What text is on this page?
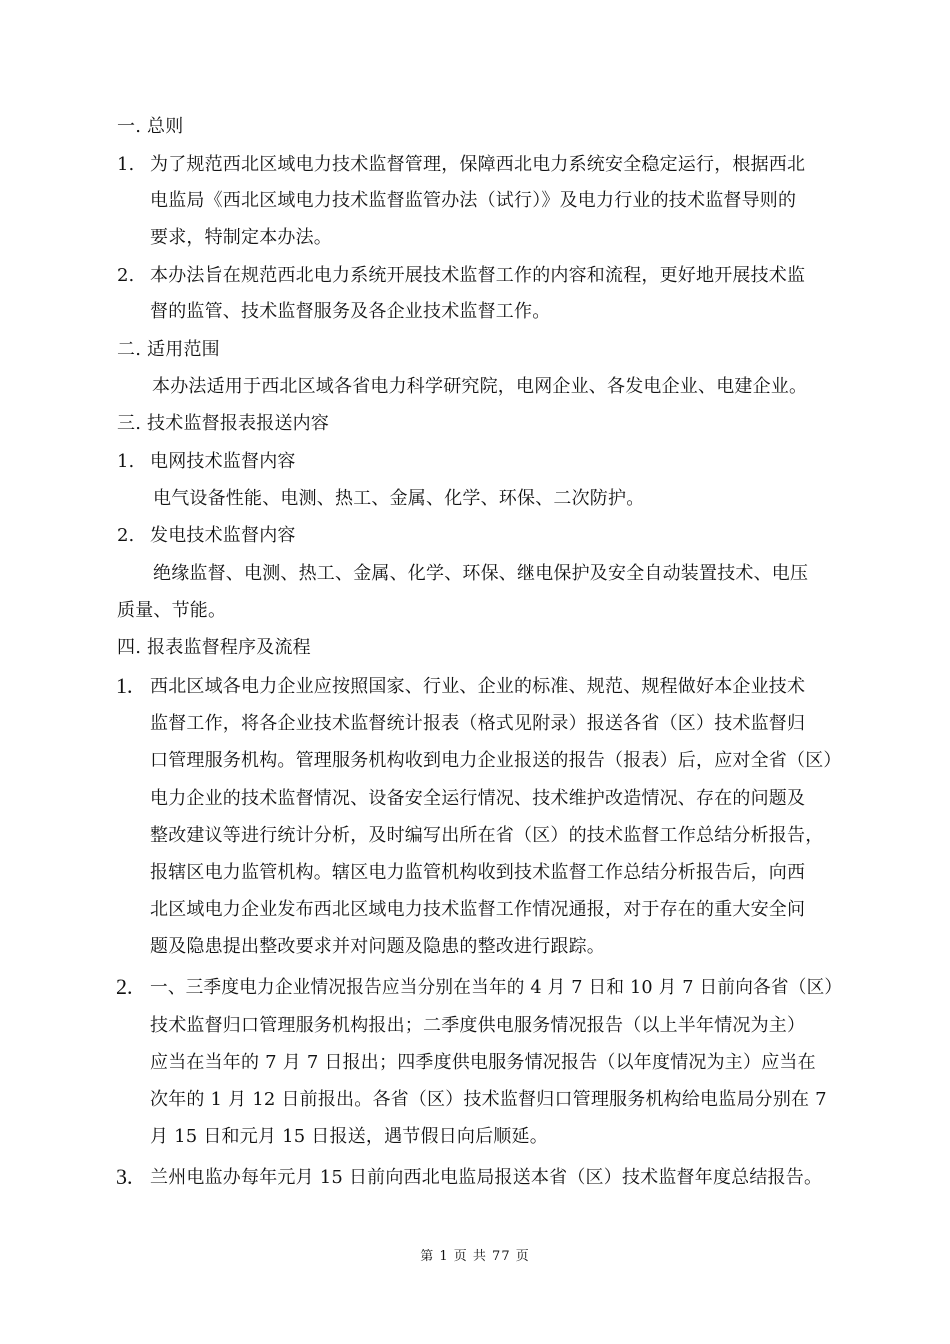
一. 总则
1. 为了规范西北区域电力技术监督管理，保障西北电力系统安全稳定运行，根据西北
电监局《西北区域电力技术监督监管办法（试行）》及电力行业的技术监督导则的
要求，特制定本办法。
2. 本办法旨在规范西北电力系统开展技术监督工作的内容和流程，更好地开展技术监
督的监管、技术监督服务及各企业技术监督工作。
二. 适用范围
本办法适用于西北区域各省电力科学研究院，电网企业、各发电企业、电建企业。
三. 技术监督报表报送内容
1. 电网技术监督内容
电气设备性能、电测、热工、金属、化学、环保、二次防护。
2. 发电技术监督内容
绝缘监督、电测、热工、金属、化学、环保、继电保护及安全自动装置技术、电压
质量、节能。
四. 报表监督程序及流程
1. 西北区域各电力企业应按照国家、行业、企业的标准、规范、规程做好本企业技术
监督工作，将各企业技术监督统计报表（格式见附录）报送各省（区）技术监督归
口管理服务机构。管理服务机构收到电力企业报送的报告（报表）后，应对全省（区）
电力企业的技术监督情况、设备安全运行情况、技术维护改造情况、存在的问题及
整改建议等进行统计分析，及时编写出所在省（区）的技术监督工作总结分析报告，
报辖区电力监管机构。辖区电力监管机构收到技术监督工作总结分析报告后，向西
北区域电力企业发布西北区域电力技术监督工作情况通报，对于存在的重大安全问
题及隐患提出整改要求并对问题及隐患的整改进行跟踪。
2. 一、三季度电力企业情况报告应当分别在当年的 4 月 7 日和 10 月 7 日前向各省（区）
技术监督归口管理服务机构报出；二季度供电服务情况报告（以上半年情况为主）
应当在当年的 7 月 7 日报出；四季度供电服务情况报告（以年度情况为主）应当在
次年的 1 月 12 日前报出。各省（区）技术监督归口管理服务机构给电监局分别在 7
月 15 日和元月 15 日报送，遇节假日向后顺延。
3. 兰州电监办每年元月 15 日前向西北电监局报送本省（区）技术监督年度总结报告。
第 1 页 共 77 页
